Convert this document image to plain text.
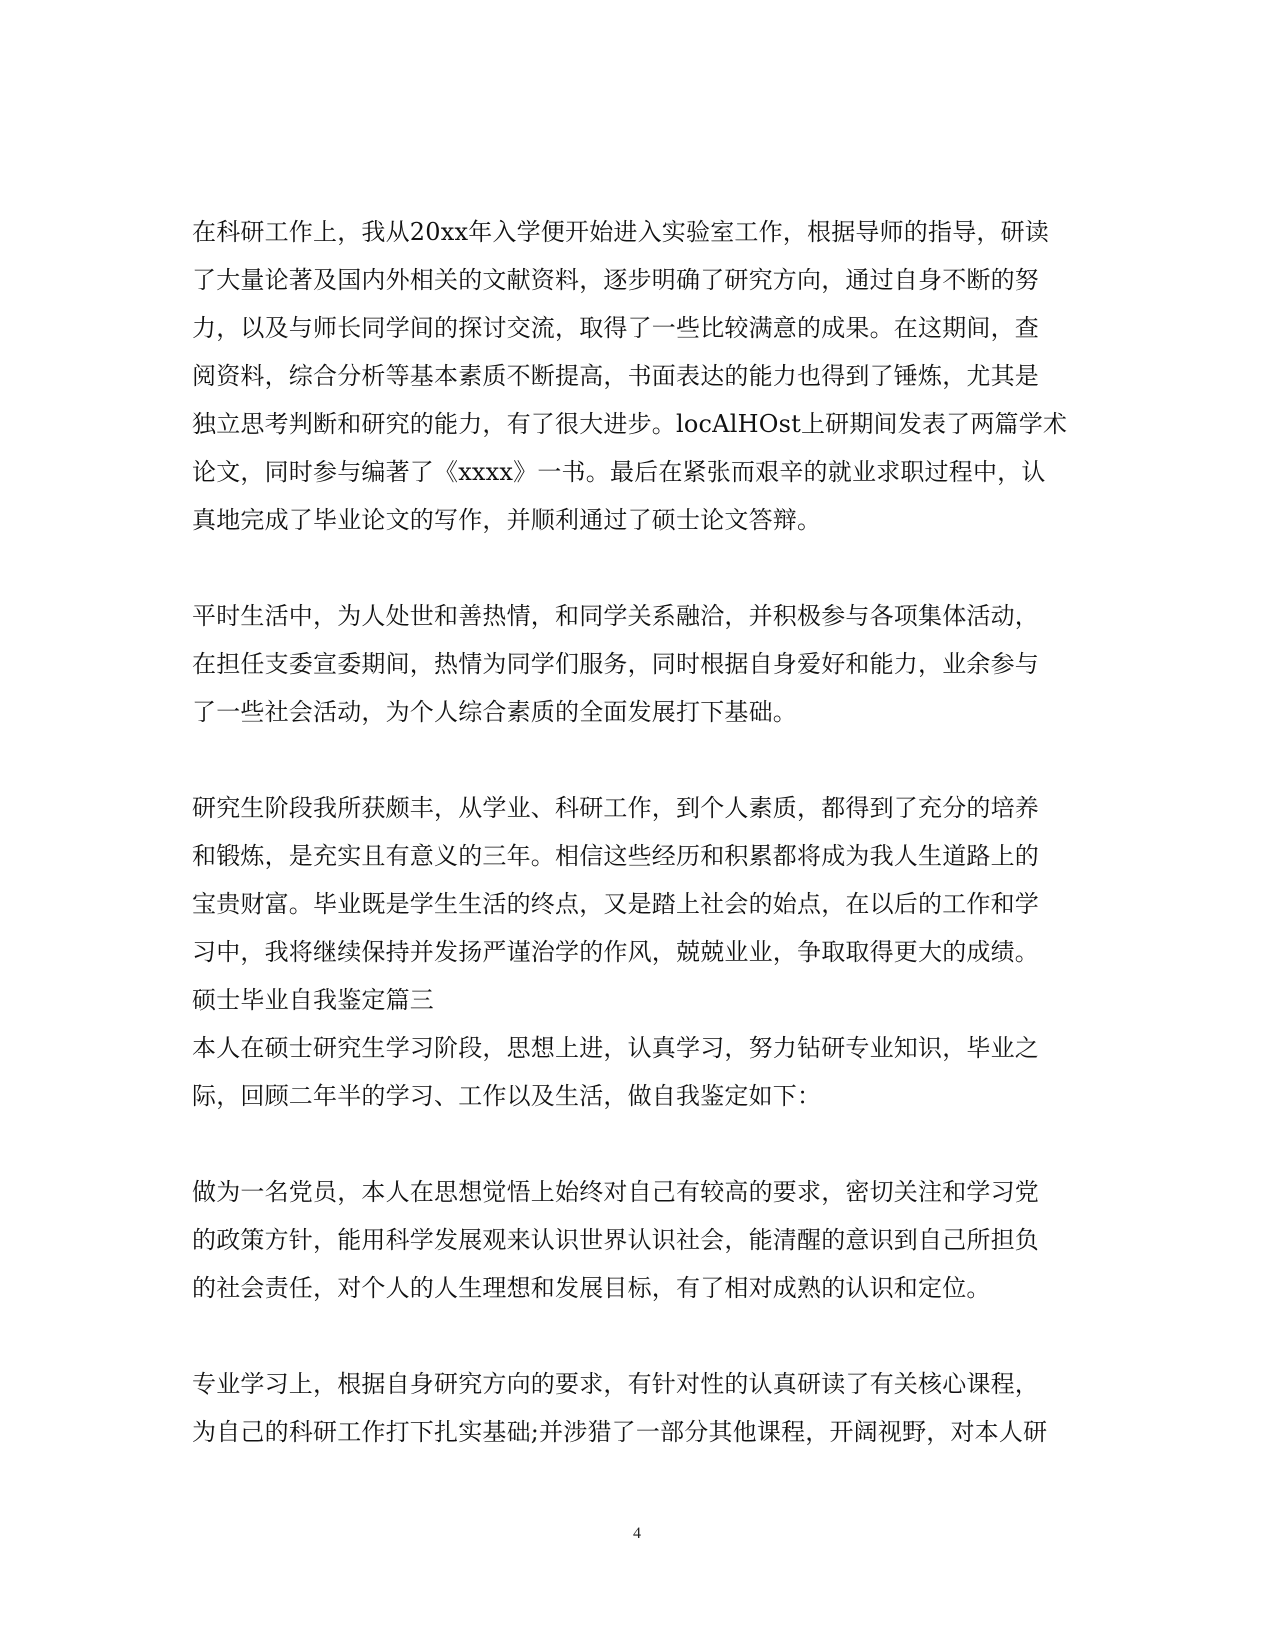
在科研工作上，我从20xx年入学便开始进入实验室工作，根据导师的指导，研读
了大量论著及国内外相关的文献资料，逐步明确了研究方向，通过自身不断的努
力，以及与师长同学间的探讨交流，取得了一些比较满意的成果。在这期间，查
阅资料，综合分析等基本素质不断提高，书面表达的能力也得到了锤炼，尤其是
独立思考判断和研究的能力，有了很大进步。locAlHOst上研期间发表了两篇学术
论文，同时参与编著了《xxxx》一书。最后在紧张而艰辛的就业求职过程中，认
真地完成了毕业论文的写作，并顺利通过了硕士论文答辩。
平时生活中，为人处世和善热情，和同学关系融洽，并积极参与各项集体活动，
在担任支委宣委期间，热情为同学们服务，同时根据自身爱好和能力，业余参与
了一些社会活动，为个人综合素质的全面发展打下基础。
研究生阶段我所获颇丰，从学业、科研工作，到个人素质，都得到了充分的培养
和锻炼，是充实且有意义的三年。相信这些经历和积累都将成为我人生道路上的
宝贵财富。毕业既是学生生活的终点，又是踏上社会的始点，在以后的工作和学
习中，我将继续保持并发扬严谨治学的作风，兢兢业业，争取取得更大的成绩。
硕士毕业自我鉴定篇三
本人在硕士研究生学习阶段，思想上进，认真学习，努力钻研专业知识，毕业之
际，回顾二年半的学习、工作以及生活，做自我鉴定如下：
做为一名党员，本人在思想觉悟上始终对自己有较高的要求，密切关注和学习党
的政策方针，能用科学发展观来认识世界认识社会，能清醒的意识到自己所担负
的社会责任，对个人的人生理想和发展目标，有了相对成熟的认识和定位。
专业学习上，根据自身研究方向的要求，有针对性的认真研读了有关核心课程，
为自己的科研工作打下扎实基础;并涉猎了一部分其他课程，开阔视野，对本人研
4
